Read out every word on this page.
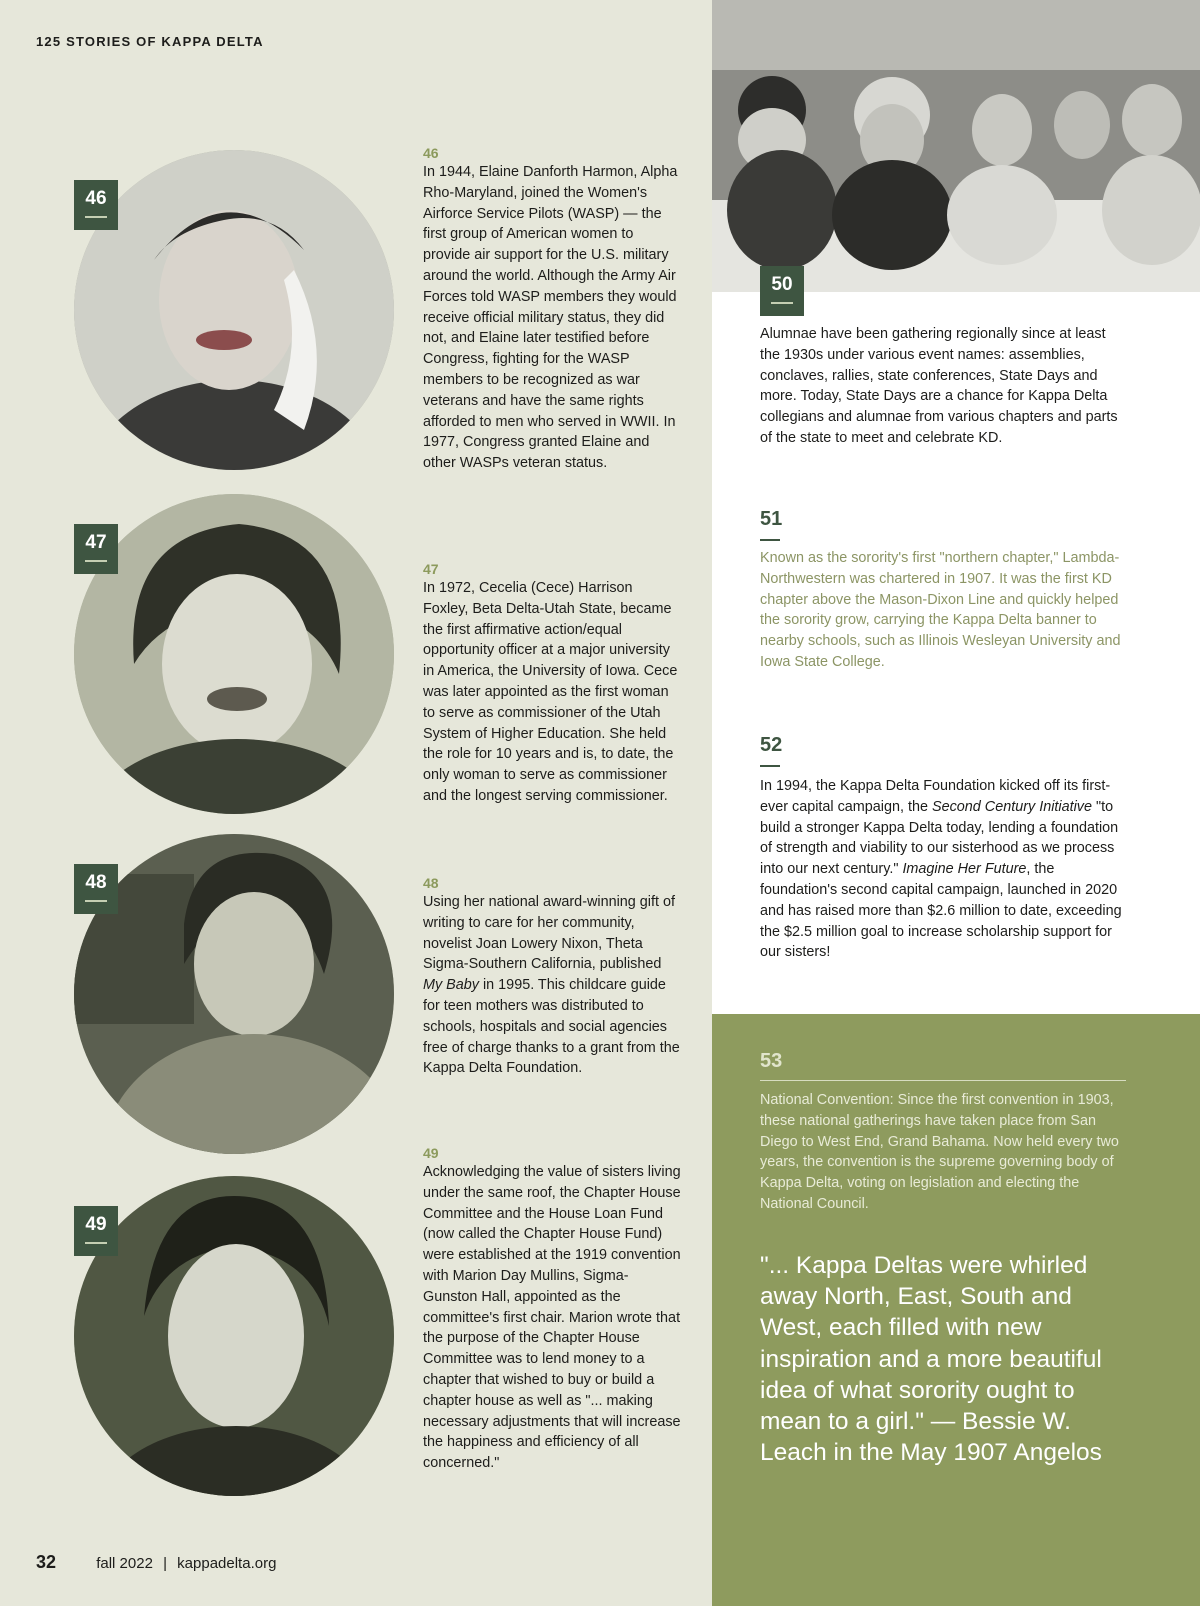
125 STORIES OF KAPPA DELTA
46
47
48
49
46

In 1944, Elaine Danforth Harmon, Alpha Rho-Maryland, joined the Women's Airforce Service Pilots (WASP) — the first group of American women to provide air support for the U.S. military around the world. Although the Army Air Forces told WASP members they would receive official military status, they did not, and Elaine later testified before Congress, fighting for the WASP members to be recognized as war veterans and have the same rights afforded to men who served in WWII. In 1977, Congress granted Elaine and other WASPs veteran status.

47

In 1972, Cecelia (Cece) Harrison Foxley, Beta Delta-Utah State, became the first affirmative action/equal opportunity officer at a major university in America, the University of Iowa. Cece was later appointed as the first woman to serve as commissioner of the Utah System of Higher Education. She held the role for 10 years and is, to date, the only woman to serve as commissioner and the longest serving commissioner.

48

Using her national award-winning gift of writing to care for her community, novelist Joan Lowery Nixon, Theta Sigma-Southern California, published My Baby in 1995. This childcare guide for teen mothers was distributed to schools, hospitals and social agencies free of charge thanks to a grant from the Kappa Delta Foundation.

49

Acknowledging the value of sisters living under the same roof, the Chapter House Committee and the House Loan Fund (now called the Chapter House Fund) were established at the 1919 convention with Marion Day Mullins, Sigma-Gunston Hall, appointed as the committee's first chair. Marion wrote that the purpose of the Chapter House Committee was to lend money to a chapter that wished to buy or build a chapter house as well as "... making necessary adjustments that will increase the happiness and efficiency of all concerned."

50
Alumnae have been gathering regionally since at least the 1930s under various event names: assemblies, conclaves, rallies, state conferences, State Days and more. Today, State Days are a chance for Kappa Delta collegians and alumnae from various chapters and parts of the state to meet and celebrate KD.
51
Known as the sorority's first "northern chapter," Lambda-Northwestern was chartered in 1907. It was the first KD chapter above the Mason-Dixon Line and quickly helped the sorority grow, carrying the Kappa Delta banner to nearby schools, such as Illinois Wesleyan University and Iowa State College.
52
In 1994, the Kappa Delta Foundation kicked off its first-ever capital campaign, the Second Century Initiative "to build a stronger Kappa Delta today, lending a foundation of strength and viability to our sisterhood as we process into our next century." Imagine Her Future, the foundation's second capital campaign, launched in 2020 and has raised more than $2.6 million to date, exceeding the $2.5 million goal to increase scholarship support for our sisters!
53
National Convention: Since the first convention in 1903, these national gatherings have taken place from San Diego to West End, Grand Bahama. Now held every two years, the convention is the supreme governing body of Kappa Delta, voting on legislation and electing the National Council.
"... Kappa Deltas were whirled away North, East, South and West, each filled with new inspiration and a more beautiful idea of what sorority ought to mean to a girl." — Bessie W. Leach in the May 1907 Angelos
32	fall 2022 | kappadelta.org
